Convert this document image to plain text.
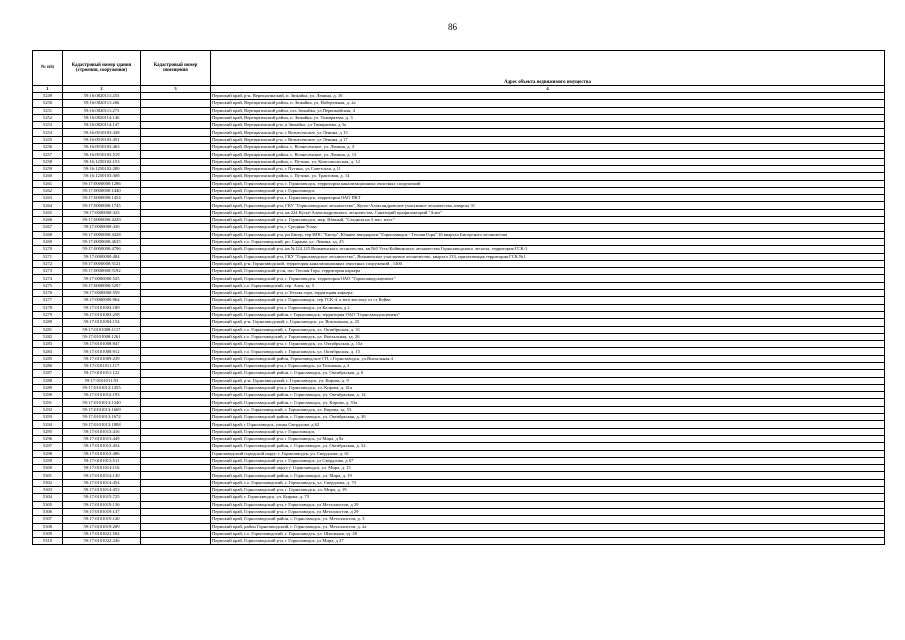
86
№ п/п	Кадастровый номер здания (строения, сооружения)	Кадастровый номер помещения	Адрес объекта недвижимого имущества
1	2	3	4
5249	59:16:0820111:253		Пермский край, р-н. Верещагинский, п. Зюкайка, ул. Ленина, д. 16
5250	59:16:0820111:266		Пермский край, Верещагинский район, п. Зюкайка, ул. Набережная, д. 2а
5251	59:16:0820111:273		Пермский край, Верещагинский район, пос.Зюкайка, ул.Первомайская, 4
5252	59:16:0820114:146		Пермский край, Верещагинский район, п. Зюкайка, ул. Тимирязева, д. 3
5253	59:16:0820114:147		Пермский край, Верещагинский р-н, п Зюкайка, ул Тимирязева, д 3а
5254	59:16:0910103:438		Пермский край, Верещагинский р-н, с Вознесенское, ул Ленина, д 15
5255	59:16:0910103:451		Пермский край, Верещагинский р-н, с Вознесенское, ул Ленина, д 17
5256	59:16:0910103:463		Пермский край, Верещагинский район, с. Вознесенское, ул. Ленина, д. 3
5257	59:16:0910103:519		Пермский край, Верещагинский район, с. Вознесенское, ул. Ленина, д. 13
5258	59:16:1250102:153		Пермский край, Верещагинский район, с. Путино, ул. Комсомольская, д. 12
5259	59:16:1250102:280		Пермский край, Верещагинский р-н, с Путино, ул Советская, д 11
5260	59:16:1250103:308		Пермский край, Верещагинский район, с. Путино, ул. Трактовая, д. 14
5261	59:17:0000000:1286		Пермский край, Горнозаводский р-н, г. Горнозаводск, территория канализационных очистных сооружений
5262	59:17:0000000:1440		Пермский край, Горнозаводский р-н, г Горнозаводск
5263	59:17:0000000:1454		Пермский край, Горнозаводский р-н, г. Горнозаводск, территория ОАО ПКТ
5264	59:17:0000000:1745		Пермский край, Горнозаводский р-н, ГКУ "Горнозаводское лесничество", Кусье-Александровское участковое лесничество, квартал 31
5265	59:17:0000000:323		Пермский край, Горнозаводский р-н, кв.224 Кусье-Александровского лесничества, Санаторий профилакторий "Алит"
5266	59:17:0000000:4229		Пермский край, Горнозаводский р-н, г. Горнозаводск, мкр. Южный, "Стадион на 3 тыс. мест"
5267	59:17:0000000:430		Пермский край, Горнозаводский р-н, г Средняя Усьва
5268	59:17:0000000:4328		Пермский край, Горнозаводский р-н, рп Бисер, тер НПС "Бисер". Южнее автодороги "Горнозаводск - Теплая Гора" 16 квартал Бисерского лесничества
5269	59:17:0000000:4635		Пермский край, г.о. Горнозаводский, рп. Сараны, ул. Ленина, зд. 25
5270	59:17:0000000:4796		Пермский край, Горнозаводский р-н, кв.№124,125 Вильвенского лесничества, кв.№0 Усть-Койвинского лесничества Горнозаводского лесхоза, территория ГСК-1
5271	59:17:0000000:484		Пермский край, Горнозаводский р-н, ГКУ "Горнозаводское лесничество", Вильвенское участковое лесничество, квартал 133, прилегающая территория ГСК №1
5272	59:17:0000000:5121		Пермский край, р-н. Горнозаводский, территория канализационных очистных сооружений , 1400
5273	59:17:0000000:5192		Пермский край, Горнозаводский р-он, пос Теплая-Гора, территория карьера
5274	59:17:0000000:525		Пермский край, Горнозаводский р-н, г. Горнозаводск, территория ОАО "Горнозаводскцемент"
5275	59:17:0000000:5297		Пермский край, г.о. Горнозаводский, тер. Алит, зд. 5
5276	59:17:0000000:559		Пермский край, Горнозаводский р-н, п Теплая гора, территория карьера
5277	59:17:0000000:964		Пермский край, Горнозаводский р-н, г Горнозаводск, тер ГСК-4, к юго-востоку от ст Койва
5278	59:17:0101003:189		Пермский край, Горнозаводский р-н, г Горнозаводск, ул Калинина, д 2
5279	59:17:0101003:258		Пермский край, Горнозаводский район, г Горнозаводск, территория ОАО "Горнозаводскцемент"
5280	59:17:0101004:154		Пермский край, р-н. Горнозаводский, г. Горнозаводск, ул. Вокзальная, д. 25
5281	59:17:0101008:1117		Пермский край, г.о. Горнозаводский, г. Горнозаводск, ул. Октябрьская, д. 31
5282	59:17:0101008:1261		Пермский край, г.о. Горнозаводский, г. Горнозаводск, ул. Вокзальная, зд. 26
5283	59:17:0101008:847		Пермский край, Горнозаводский р-н, г. Горнозаводск, ул. Октябрьская, д. 15а
5284	59:17:0101008:912		Пермский край, г.о. Горнозаводский, г. Горнозаводск, ул. Октябрьская, д. 15
5285	59:17:0101009:239		Пермский край, Горнозаводский район, Горнозаводское ГП, г.Горнозаводск, ул.Вокзальная 4
5286	59:17:0101011:117		Пермский край, Горнозаводский р-н, г Горнозаводск, ул Тельмана, д 4
5287	59:17:0101011:122		Пермский край, Горнозаводский район, г. Горнозаводск, ул. Октябрьская, д. 6
5288	59:17:0101011:93		Пермский край, р-н. Горнозаводский, г. Горнозаводск, ул. Кирова, д. 9
5289	59:17:0101012:1455		Пермский край, Горнозаводский р-н, г. Горнозаводск, ул. Кирова, д. 41а
5290	59:17:0101012:193		Пермский край, Горнозаводский район, г. Горнозаводск, ул. Октябрьская, д. 14
5291	59:17:0101013:1340		Пермский край, Горнозаводский район, г. Горнозаводск, ул. Кирова, д. 53а
5292	59:17:0101013:1669		Пермский край, г.о. Горнозаводский, г. Горнозаводск, ул. Кирова, зд. 53
5293	59:17:0101013:1672		Пермский край, Горнозаводский район, г. Горнозаводск, ул. Октябрьская, д. 30
5294	59:17:0101013:1808		Пермский край, г Горнозаводск, улица Свердлова, д.62
5295	59:17:0101013:416		Пермский край, Горнозаводский р-н, г Горнозаводск
5296	59:17:0101013:449		Пермский край, Горнозаводский р-н, г Горнозаводск, ул Мира, д 8а
5297	59:17:0101013:454		Пермский край, Горнозаводский район, г. Горнозаводск, ул. Октябрьская, д. 52
5298	59:17:0101013:486		Горнозаводский городской округ, г. Горнозаводск, ул. Свердлова, д. 61
5299	59:17:0101013:511		Пермский край, Горнозаводский р-н, г Горнозаводск, ул Свердлова, д 67
5300	59:17:0101014:116		Пермский край, Горнозаводский округ, г. Горнозаводск, ул. Мира, д. 15
5301	59:17:0101014:130		Пермский край, Горнозаводский район, г. Горнозаводск, ул. Мира, д. 19
5302	59:17:0101014:454		Пермский край, г.о. Горнозаводский, г. Горнозаводск, ул. Свердлова, д. 73
5303	59:17:0101014:453		Пермский край, Горнозаводский р-н, г. Горнозаводск, ул. Мира, д. 19
5304	59:17:0101015:725		Пермский край, г. Горнозаводск, ул. Кирова, д. 73
5305	59:17:0101019:136		Пермский край, Горнозаводский р-н, г Горнозаводск, ул Металлистов, д 29
5306	59:17:0101019:137		Пермский край, Горнозаводский р-н, г Горнозаводск, ул Металлистов, д 29
5307	59:17:0101019:140		Пермский край, Горнозаводский район, г. Горнозаводск, ул. Металлистов, д. 3
5308	59:17:0101019:289		Пермский край, район Горнозаводский, г. Горнозаводск, ул. Металлистов, д. 2а
5309	59:17:0101021:504		Пермский край, г.о. Горнозаводский, г. Горнозаводск, ул. Школьная, зд. 28
5310	59:17:0101022:246		Пермский край, Горнозаводский р-н, г Горнозаводск, ул Мира, д 27
